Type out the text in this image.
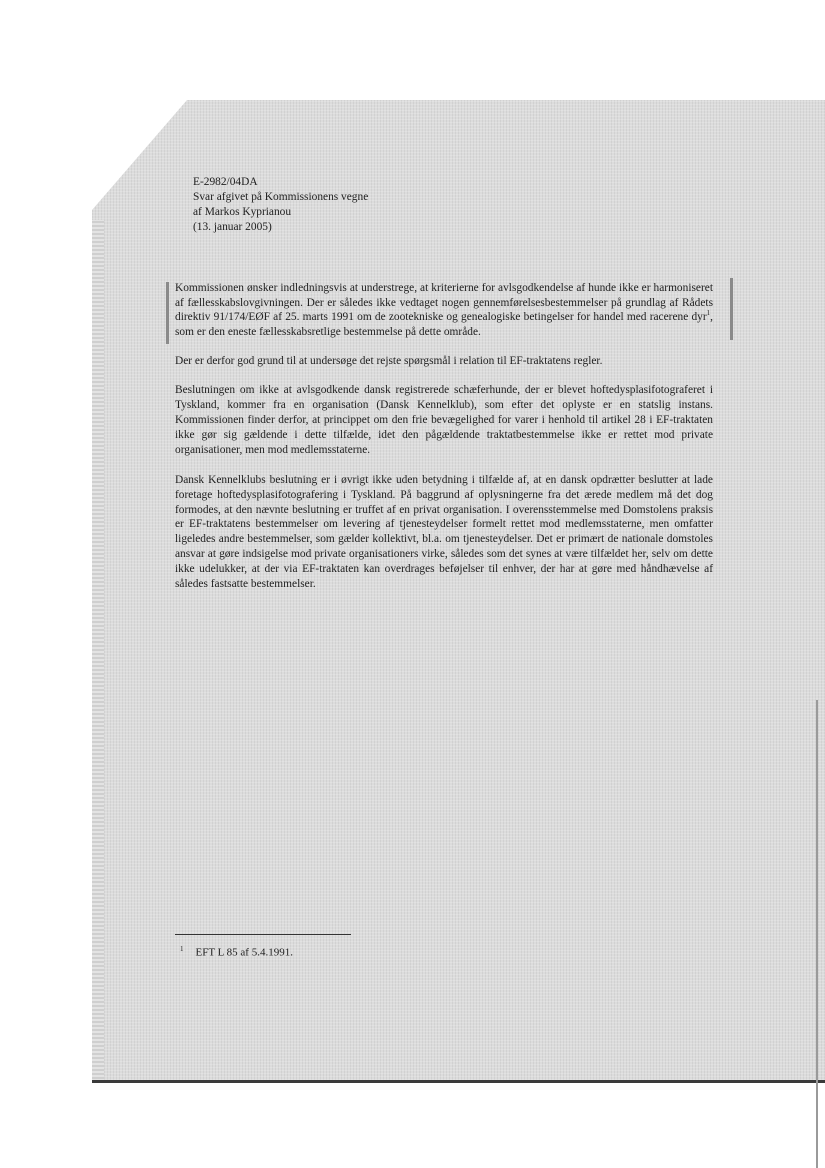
E-2982/04DA
Svar afgivet på Kommissionens vegne
af Markos Kyprianou
(13. januar 2005)

Kommissionen ønsker indledningsvis at understrege, at kriterierne for avlsgodkendelse af hunde ikke er harmoniseret af fællesskabslovgivningen. Der er således ikke vedtaget nogen gennemførelsesbestemmelser på grundlag af Rådets direktiv 91/174/EØF af 25. marts 1991 om de zootekniske og genealogiske betingelser for handel med racerene dyr$^1$, som er den eneste fællesskabsretlige bestemmelse på dette område.

Der er derfor god grund til at undersøge det rejste spørgsmål i relation til EF-traktatens regler.

Beslutningen om ikke at avlsgodkende dansk registrerede schæferhunde, der er blevet hoftedysplasifotograferet i Tyskland, kommer fra en organisation (Dansk Kennelklub), som efter det oplyste er en statslig instans. Kommissionen finder derfor, at princippet om den frie bevægelighed for varer i henhold til artikel 28 i EF-traktaten ikke gør sig gældende i dette tilfælde, idet den pågældende traktatbestemmelse ikke er rettet mod private organisationer, men mod medlemsstaterne.

Dansk Kennelklubs beslutning er i øvrigt ikke uden betydning i tilfælde af, at en dansk opdrætter beslutter at lade foretage hoftedysplasifotografering i Tyskland. På baggrund af oplysningerne fra det ærede medlem må det dog formodes, at den nævnte beslutning er truffet af en privat organisation. I overensstemmelse med Domstolens praksis er EF-traktatens bestemmelser om levering af tjenesteydelser formelt rettet mod medlemsstaterne, men omfatter ligeledes andre bestemmelser, som gælder kollektivt, bl.a. om tjenesteydelser. Det er primært de nationale domstoles ansvar at gøre indsigelse mod private organisationers virke, således som det synes at være tilfældet her, selv om dette ikke udelukker, at der via EF-traktaten kan overdrages beføjelser til enhver, der har at gøre med håndhævelse af således fastsatte bestemmelser.

$^1$ EFT L 85 af 5.4.1991.
